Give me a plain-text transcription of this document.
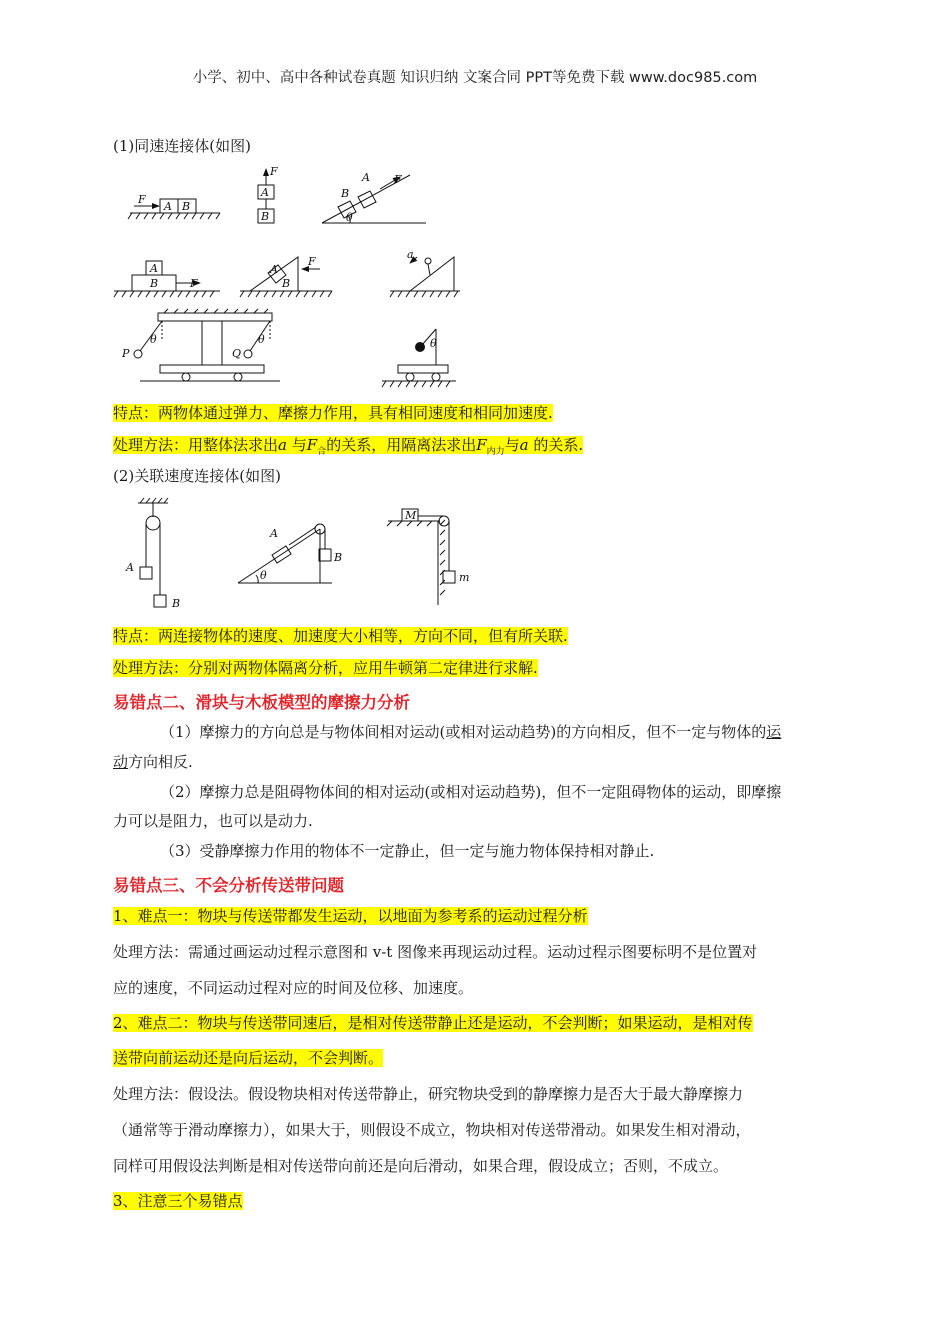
小学、初中、高中各种试卷真题 知识归纳 文案合同 PPT等免费下载 www.doc985.com
(1)同速连接体(如图)
F
A B
A
B
F
B
A F
θ
A
B	F
A
B
F
a
P
θ
Q
θ	θ
特点：两物体通过弹力、摩擦力作用，具有相同速度和相同加速度.
处理方法：用整体法求出a 与$F_合$的关系，用隔离法求出$F_{内力}$与a 的关系.
(2)关联速度连接体(如图)
A
B
A
B
θ
M
m
特点：两连接物体的速度、加速度大小相等，方向不同，但有所关联.
处理方法：分别对两物体隔离分析，应用牛顿第二定律进行求解.
易错点二、滑块与木板模型的摩擦力分析
（1）摩擦力的方向总是与物体间相对运动(或相对运动趋势)的方向相反，但不一定与物体的运
动方向相反.
（2）摩擦力总是阻碍物体间的相对运动(或相对运动趋势)，但不一定阻碍物体的运动，即摩擦
力可以是阻力，也可以是动力.
（3）受静摩擦力作用的物体不一定静止，但一定与施力物体保持相对静止.
易错点三、不会分析传送带问题
1、难点一：物块与传送带都发生运动，以地面为参考系的运动过程分析
处理方法：需通过画运动过程示意图和 v-t 图像来再现运动过程。运动过程示图要标明不是位置对
应的速度，不同运动过程对应的时间及位移、加速度。
2、难点二：物块与传送带同速后，是相对传送带静止还是运动，不会判断；如果运动，是相对传
送带向前运动还是向后运动，不会判断。
处理方法：假设法。假设物块相对传送带静止，研究物块受到的静摩擦力是否大于最大静摩擦力
（通常等于滑动摩擦力），如果大于，则假设不成立，物块相对传送带滑动。如果发生相对滑动，
同样可用假设法判断是相对传送带向前还是向后滑动，如果合理，假设成立；否则，不成立。
3、注意三个易错点
